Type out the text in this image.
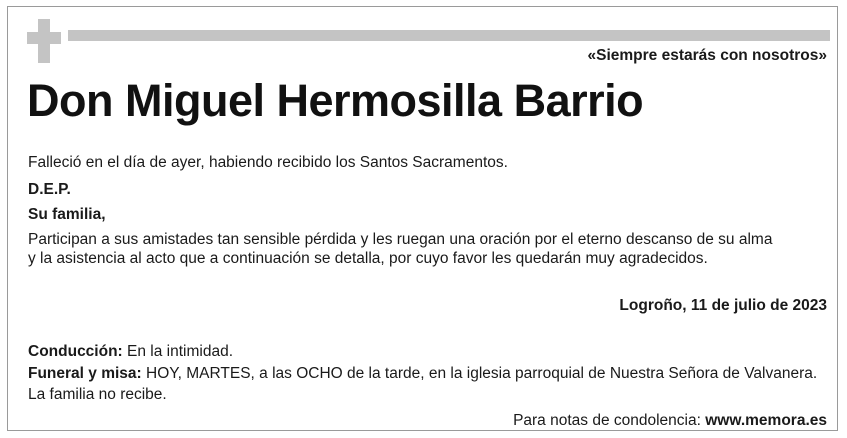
«Siempre estarás con nosotros»
Don Miguel Hermosilla Barrio
Falleció en el día de ayer, habiendo recibido los Santos Sacramentos.
D.E.P.
Su familia,
Participan a sus amistades tan sensible pérdida y les ruegan una oración por el eterno descanso de su alma
y la asistencia al acto que a continuación se detalla, por cuyo favor les quedarán muy agradecidos.
Logroño, 11 de julio de 2023
Conducción: En la intimidad.
Funeral y misa: HOY, MARTES, a las OCHO de la tarde, en la iglesia parroquial de Nuestra Señora de Valvanera.
La familia no recibe.
Para notas de condolencia: www.memora.es
